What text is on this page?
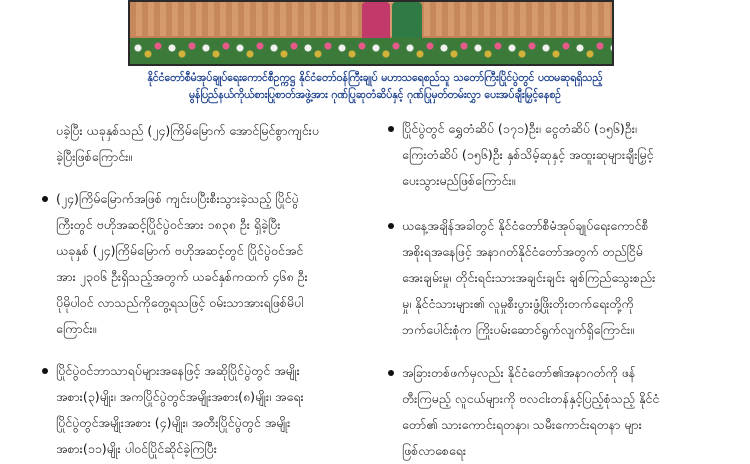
နိုင်ငံတော်စီမံအုပ်ချုပ်ရေးကောင်စီဥက္ကဋ္ဌ နိုင်ငံတော်ဝန်ကြီးချုပ် မဟာသရေစည်သူ သတော်ကြီးပြိုင်ပွဲတွင် ပထမဆုရရှိသည့်
မွန်ပြည်နယ်ကိုယ်စားပြုစာတ်အဖွဲ့အား ဂုဏ်ပြုဆုတံဆိပ်နှင့် ဂုဏ်ပြုမှတ်တမ်းလွှာ ပေးအပ်ချီးမြှင့်နေစဉ်
ပခဲ့ပြီး ယခုနှစ်သည် (၂၄)ကြိမ်မြောက် အောင်မြင်စွာကျင်းပ
ခဲ့ပြီးဖြစ်ကြောင်း။
(၂၄)ကြိမ်မြောက်အဖြစ် ကျင်းပပြီးစီးသွားခဲ့သည့် ပြိုင်ပွဲ
ကြီးတွင် ဗဟိုအဆင့်ပြိုင်ပွဲဝင်အား ၁၈၃၈ ဦး ရှိခဲ့ပြီး
ယခုနှစ် (၂၄)ကြိမ်မြောက် ဗဟိုအဆင့်တွင် ပြိုင်ပွဲဝင်အင်
အား ၂၃၀၆ ဦးရှိသည့်အတွက် ယခင်နှစ်ကထက် ၄၆၈ ဦး
ပိုမိုပါဝင် လာသည်ကိုတွေ့ရသဖြင့် ဝမ်းသာအားရဖြစ်မိပါ
ကြောင်း။
ပြိုင်ပွဲဝင်ဘာသာရပ်များအနေဖြင့် အဆိုပြိုင်ပွဲတွင် အမျိုး
အစား(၃)မျိုး၊ အကပြိုင်ပွဲတွင်အမျိုးအစား(၈)မျိုး၊ အရေး
ပြိုင်ပွဲတွင်အမျိုးအစား (၄)မျိုး၊ အတီးပြိုင်ပွဲတွင် အမျိုး
အစား(၁၁)မျိုး ပါဝင်ပြိုင်ဆိုင်ခဲ့ကြပြီး
ပြိုင်ပွဲတွင် ရွှေတံဆိပ် (၁၇၁)ဦး၊ ငွေတံဆိပ် (၁၅၆)ဦး၊
ကြေးတံဆိပ် (၁၅၆)ဦး နှစ်သိမ့်ဆုနှင့် အထူးဆုများချီးမြှင့်
ပေးသွားမည်ဖြစ်ကြောင်း။
ယနေ့အချိန်အခါတွင် နိုင်ငံတော်စီမံအုပ်ချုပ်ရေးကောင်စီ
အစိုးရအနေဖြင့် အနာဂတ်နိုင်ငံတော်အတွက် တည်ငြိမ်
အေးချမ်းမှု၊ တိုင်းရင်းသားအချင်းချင်း ချစ်ကြည်သွေးစည်း
မှု၊ နိုင်ငံသားများ၏ လူမှုစီးပွားဖွံ့ဖြိုးတိုးတက်ရေးတို့ကို
ဘက်ပေါင်းစုံက ကြိုးပမ်းဆောင်ရွက်လျက်ရှိကြောင်း။
အခြားတစ်ဖက်မှလည်း နိုင်ငံတော်၏အနာဂတ်ကို ဖန်
တီးကြမည့် လူငယ်များကို ဗလငါးတန်နှင့်ပြည့်စုံသည့် နိုင်ငံ
တော်၏ သားကောင်းရတနာ၊ သမီးကောင်းရတနာ များ
ဖြစ်လာစေရေး
